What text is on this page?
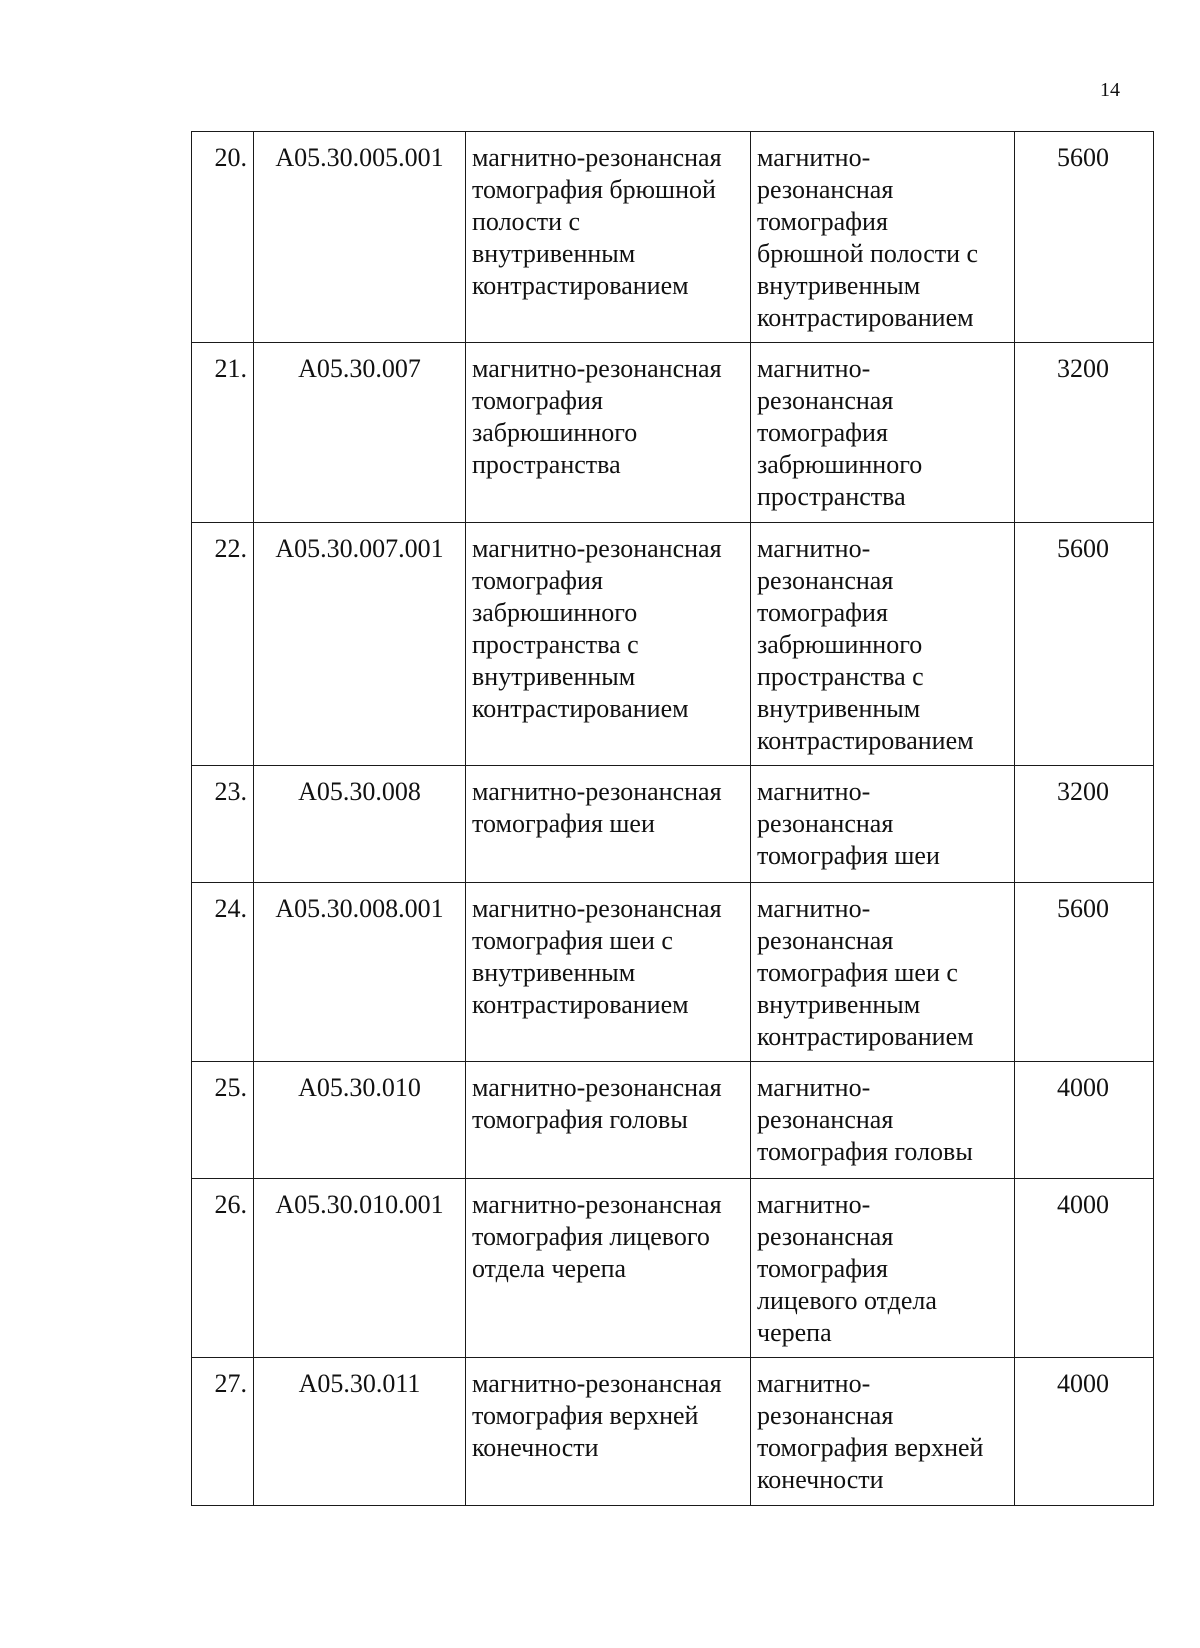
14
20.	A05.30.005.001	магнитно-резонансная томография брюшной полости с внутривенным контрастированием	магнитно-резонансная томография брюшной полости с внутривенным контрастированием	5600
21.	A05.30.007	магнитно-резонансная томография забрюшинного пространства	магнитно-резонансная томография забрюшинного пространства	3200
22.	A05.30.007.001	магнитно-резонансная томография забрюшинного пространства с внутривенным контрастированием	магнитно-резонансная томография забрюшинного пространства с внутривенным контрастированием	5600
23.	A05.30.008	магнитно-резонансная томография шеи	магнитно-резонансная томография шеи	3200
24.	A05.30.008.001	магнитно-резонансная томография шеи с внутривенным контрастированием	магнитно-резонансная томография шеи с внутривенным контрастированием	5600
25.	A05.30.010	магнитно-резонансная томография головы	магнитно-резонансная томография головы	4000
26.	A05.30.010.001	магнитно-резонансная томография лицевого отдела черепа	магнитно-резонансная томография лицевого отдела черепа	4000
27.	A05.30.011	магнитно-резонансная томография верхней конечности	магнитно-резонансная томография верхней конечности	4000
